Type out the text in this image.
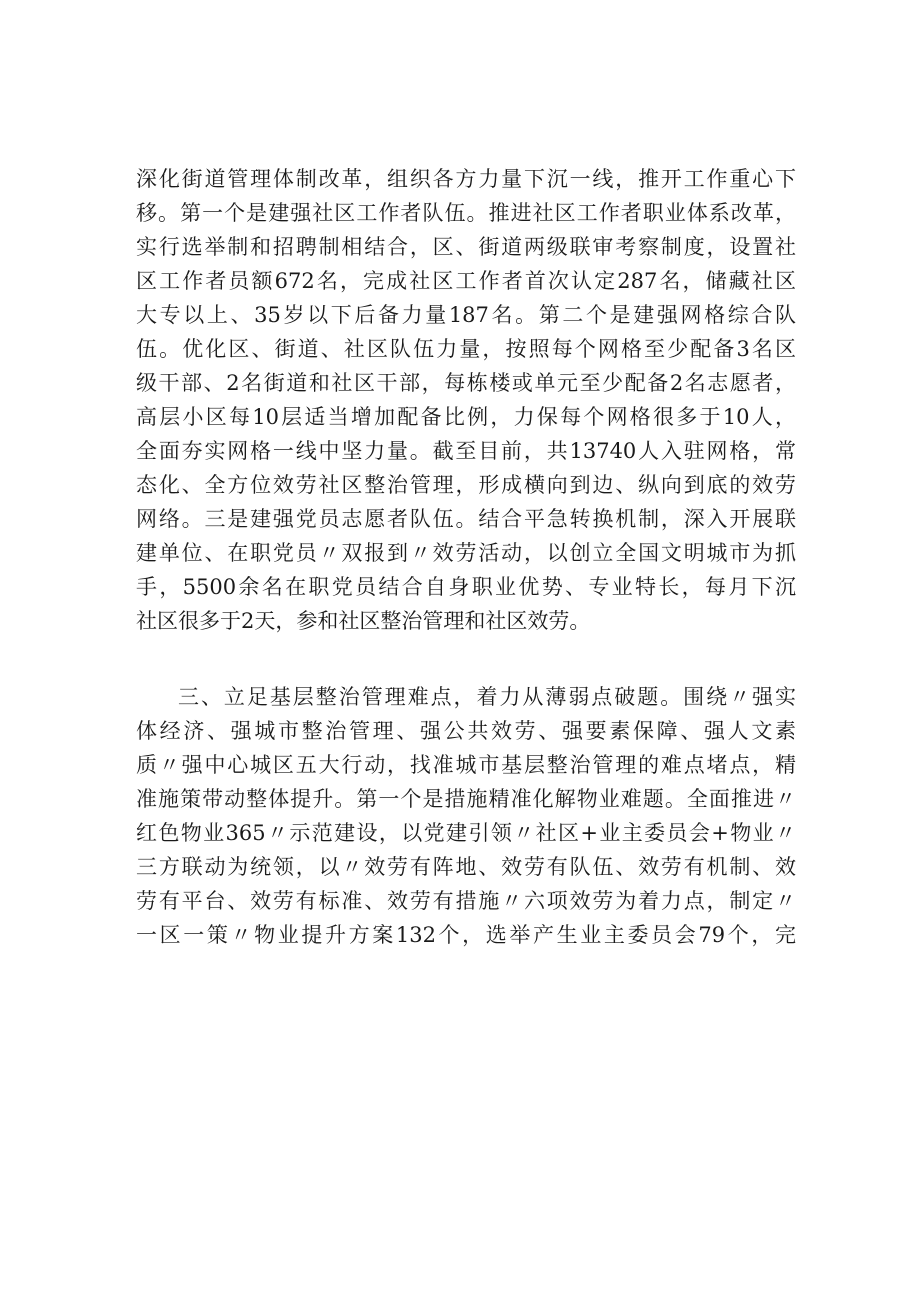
深化街道管理体制改革，组织各方力量下沉一线，推开工作重心下
移。第一个是建强社区工作者队伍。推进社区工作者职业体系改革，
实行选举制和招聘制相结合，区、街道两级联审考察制度，设置社
区工作者员额672名，完成社区工作者首次认定287名，储藏社区
大专以上、35岁以下后备力量187名。第二个是建强网格综合队
伍。优化区、街道、社区队伍力量，按照每个网格至少配备3名区
级干部、2名街道和社区干部，每栋楼或单元至少配备2名志愿者，
高层小区每10层适当增加配备比例，力保每个网格很多于10人，
全面夯实网格一线中坚力量。截至目前，共13740人入驻网格，常
态化、全方位效劳社区整治管理，形成横向到边、纵向到底的效劳
网络。三是建强党员志愿者队伍。结合平急转换机制，深入开展联
建单位、在职党员〃双报到〃效劳活动，以创立全国文明城市为抓
手，5500余名在职党员结合自身职业优势、专业特长，每月下沉
社区很多于2天，参和社区整治管理和社区效劳。
三、立足基层整治管理难点，着力从薄弱点破题。围绕〃强实
体经济、强城市整治管理、强公共效劳、强要素保障、强人文素
质〃强中心城区五大行动，找准城市基层整治管理的难点堵点，精
准施策带动整体提升。第一个是措施精准化解物业难题。全面推进〃
红色物业365〃示范建设，以党建引领〃社区+业主委员会+物业〃
三方联动为统领，以〃效劳有阵地、效劳有队伍、效劳有机制、效
劳有平台、效劳有标准、效劳有措施〃六项效劳为着力点，制定〃
一区一策〃物业提升方案132个，选举产生业主委员会79个，完
